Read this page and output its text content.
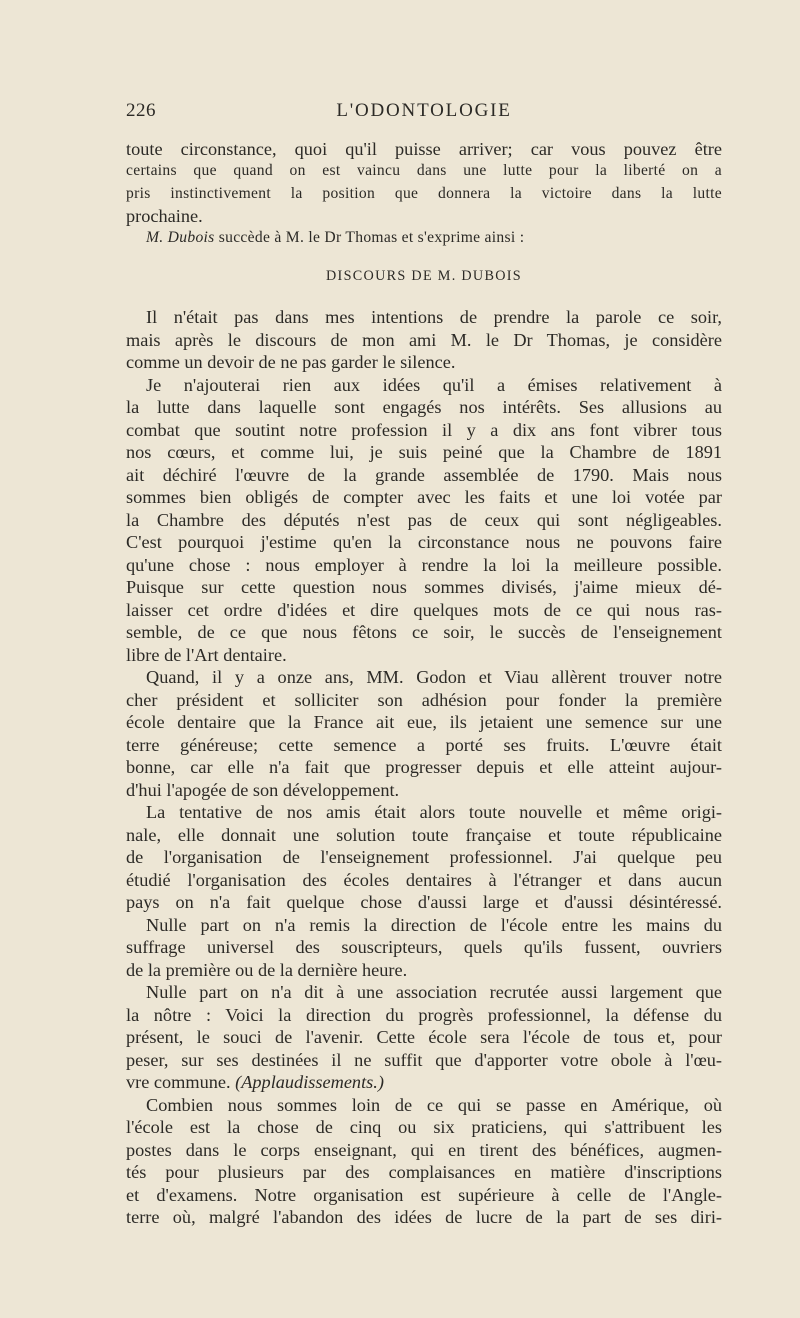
226	L'ODONTOLOGIE
toute circonstance, quoi qu'il puisse arriver; car vous pouvez être
certains que quand on est vaincu dans une lutte pour la liberté on a
pris instinctivement la position que donnera la victoire dans la lutte
prochaine.
M. Dubois succède à M. le Dr Thomas et s'exprime ainsi :
DISCOURS DE M. DUBOIS
Il n'était pas dans mes intentions de prendre la parole ce soir,
mais après le discours de mon ami M. le Dr Thomas, je considère
comme un devoir de ne pas garder le silence.
Je n'ajouterai rien aux idées qu'il a émises relativement à
la lutte dans laquelle sont engagés nos intérêts. Ses allusions au
combat que soutint notre profession il y a dix ans font vibrer tous
nos cœurs, et comme lui, je suis peiné que la Chambre de 1891
ait déchiré l'œuvre de la grande assemblée de 1790. Mais nous
sommes bien obligés de compter avec les faits et une loi votée par
la Chambre des députés n'est pas de ceux qui sont négligeables.
C'est pourquoi j'estime qu'en la circonstance nous ne pouvons faire
qu'une chose : nous employer à rendre la loi la meilleure possible.
Puisque sur cette question nous sommes divisés, j'aime mieux dé-
laisser cet ordre d'idées et dire quelques mots de ce qui nous ras-
semble, de ce que nous fêtons ce soir, le succès de l'enseignement
libre de l'Art dentaire.
Quand, il y a onze ans, MM. Godon et Viau allèrent trouver notre
cher président et solliciter son adhésion pour fonder la première
école dentaire que la France ait eue, ils jetaient une semence sur une
terre généreuse; cette semence a porté ses fruits. L'œuvre était
bonne, car elle n'a fait que progresser depuis et elle atteint aujour-
d'hui l'apogée de son développement.
La tentative de nos amis était alors toute nouvelle et même origi-
nale, elle donnait une solution toute française et toute républicaine
de l'organisation de l'enseignement professionnel. J'ai quelque peu
étudié l'organisation des écoles dentaires à l'étranger et dans aucun
pays on n'a fait quelque chose d'aussi large et d'aussi désintéressé.
Nulle part on n'a remis la direction de l'école entre les mains du
suffrage universel des souscripteurs, quels qu'ils fussent, ouvriers
de la première ou de la dernière heure.
Nulle part on n'a dit à une association recrutée aussi largement que
la nôtre : Voici la direction du progrès professionnel, la défense du
présent, le souci de l'avenir. Cette école sera l'école de tous et, pour
peser, sur ses destinées il ne suffit que d'apporter votre obole à l'œu-
vre commune. (Applaudissements.)
Combien nous sommes loin de ce qui se passe en Amérique, où
l'école est la chose de cinq ou six praticiens, qui s'attribuent les
postes dans le corps enseignant, qui en tirent des bénéfices, augmen-
tés pour plusieurs par des complaisances en matière d'inscriptions
et d'examens. Notre organisation est supérieure à celle de l'Angle-
terre où, malgré l'abandon des idées de lucre de la part de ses diri-
